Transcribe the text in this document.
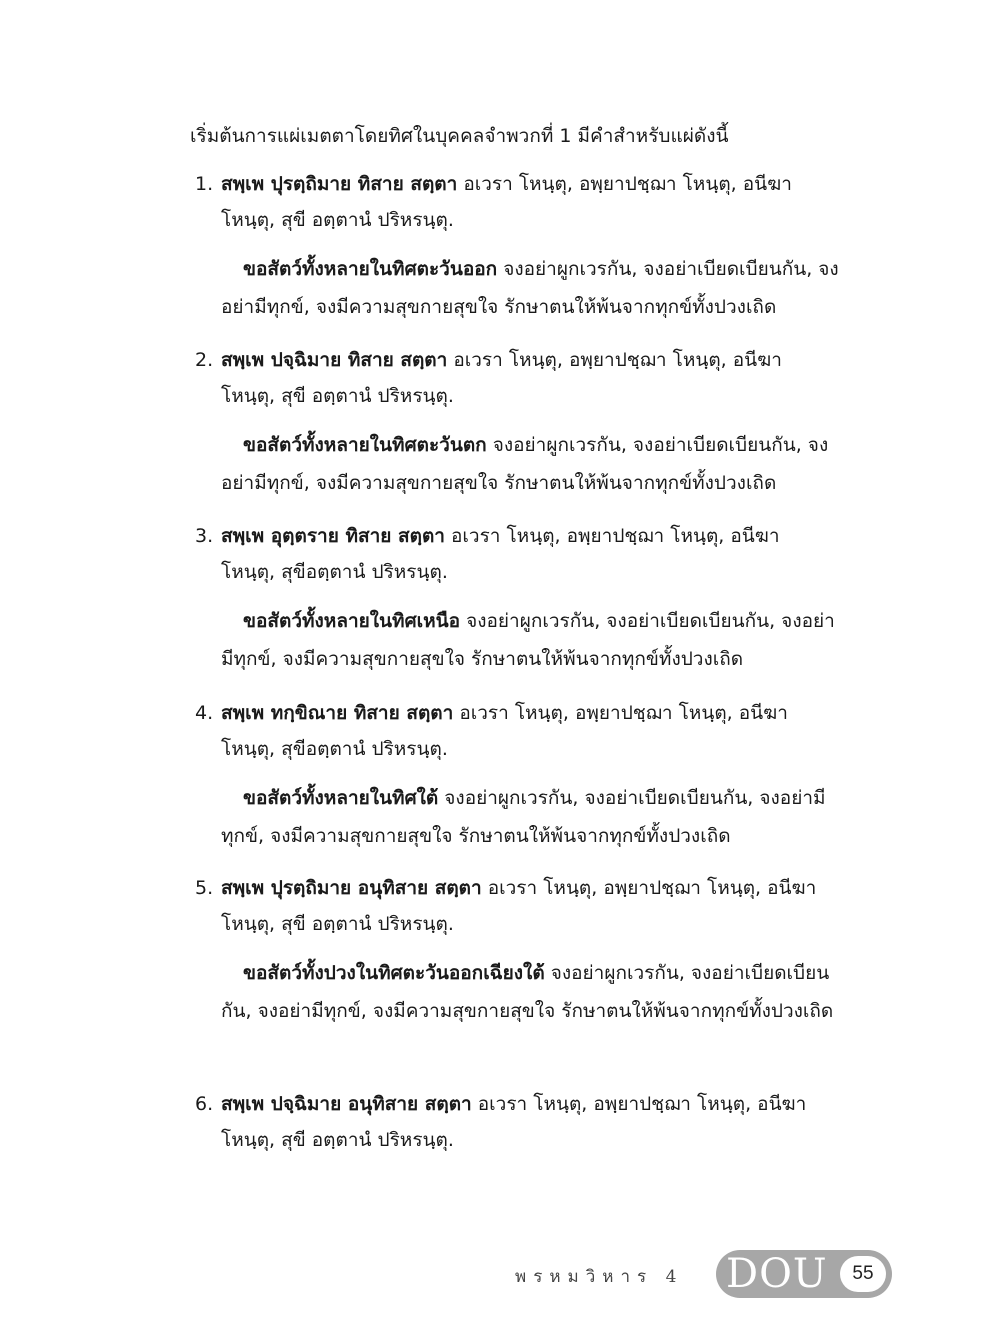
เริ่มต้นการแผ่เมตตาโดยทิศในบุคคลจำพวกที่ 1 มีคำสำหรับแผ่ดังนี้
1. สพฺเพ ปุรตฺถิมาย ทิสาย สตฺตา อเวรา โหนฺตุ, อพฺยาปชฺฌา โหนฺตุ, อนีฆา
โหนฺตุ, สุขี อตฺตานํ ปริหรนฺตุ.
ขอสัตว์ทั้งหลายในทิศตะวันออก จงอย่าผูกเวรกัน, จงอย่าเบียดเบียนกัน, จงอย่ามีทุกข์, จงมีความสุขกายสุขใจ รักษาตนให้พ้นจากทุกข์ทั้งปวงเถิด
2. สพฺเพ ปจฺฉิมาย ทิสาย สตฺตา อเวรา โหนฺตุ, อพฺยาปชฺฌา โหนฺตุ, อนีฆา
โหนฺตุ, สุขี อตฺตานํ ปริหรนฺตุ.
ขอสัตว์ทั้งหลายในทิศตะวันตก จงอย่าผูกเวรกัน, จงอย่าเบียดเบียนกัน, จงอย่ามีทุกข์, จงมีความสุขกายสุขใจ รักษาตนให้พ้นจากทุกข์ทั้งปวงเถิด
3. สพฺเพ อุตฺตราย ทิสาย สตฺตา อเวรา โหนฺตุ, อพฺยาปชฺฌา โหนฺตุ, อนีฆา
โหนฺตุ, สุขีอตฺตานํ ปริหรนฺตุ.
ขอสัตว์ทั้งหลายในทิศเหนือ จงอย่าผูกเวรกัน, จงอย่าเบียดเบียนกัน, จงอย่ามีทุกข์, จงมีความสุขกายสุขใจ รักษาตนให้พ้นจากทุกข์ทั้งปวงเถิด
4. สพฺเพ ทกฺขิณาย ทิสาย สตฺตา อเวรา โหนฺตุ, อพฺยาปชฺฌา โหนฺตุ, อนีฆา
โหนฺตุ, สุขีอตฺตานํ ปริหรนฺตุ.
ขอสัตว์ทั้งหลายในทิศใต้ จงอย่าผูกเวรกัน, จงอย่าเบียดเบียนกัน, จงอย่ามีทุกข์, จงมีความสุขกายสุขใจ รักษาตนให้พ้นจากทุกข์ทั้งปวงเถิด
5. สพฺเพ ปุรตฺถิมาย อนุทิสาย สตฺตา อเวรา โหนฺตุ, อพฺยาปชฺฌา โหนฺตุ, อนีฆา
โหนฺตุ, สุขี อตฺตานํ ปริหรนฺตุ.
ขอสัตว์ทั้งปวงในทิศตะวันออกเฉียงใต้ จงอย่าผูกเวรกัน, จงอย่าเบียดเบียนกัน, จงอย่ามีทุกข์, จงมีความสุขกายสุขใจ รักษาตนให้พ้นจากทุกข์ทั้งปวงเถิด
6. สพฺเพ ปจฺฉิมาย อนุทิสาย สตฺตา อเวรา โหนฺตุ, อพฺยาปชฺฌา โหนฺตุ, อนีฆา
โหนฺตุ, สุขี อตฺตานํ ปริหรนฺตุ.
พรหมวิหาร 4 DOU	55
